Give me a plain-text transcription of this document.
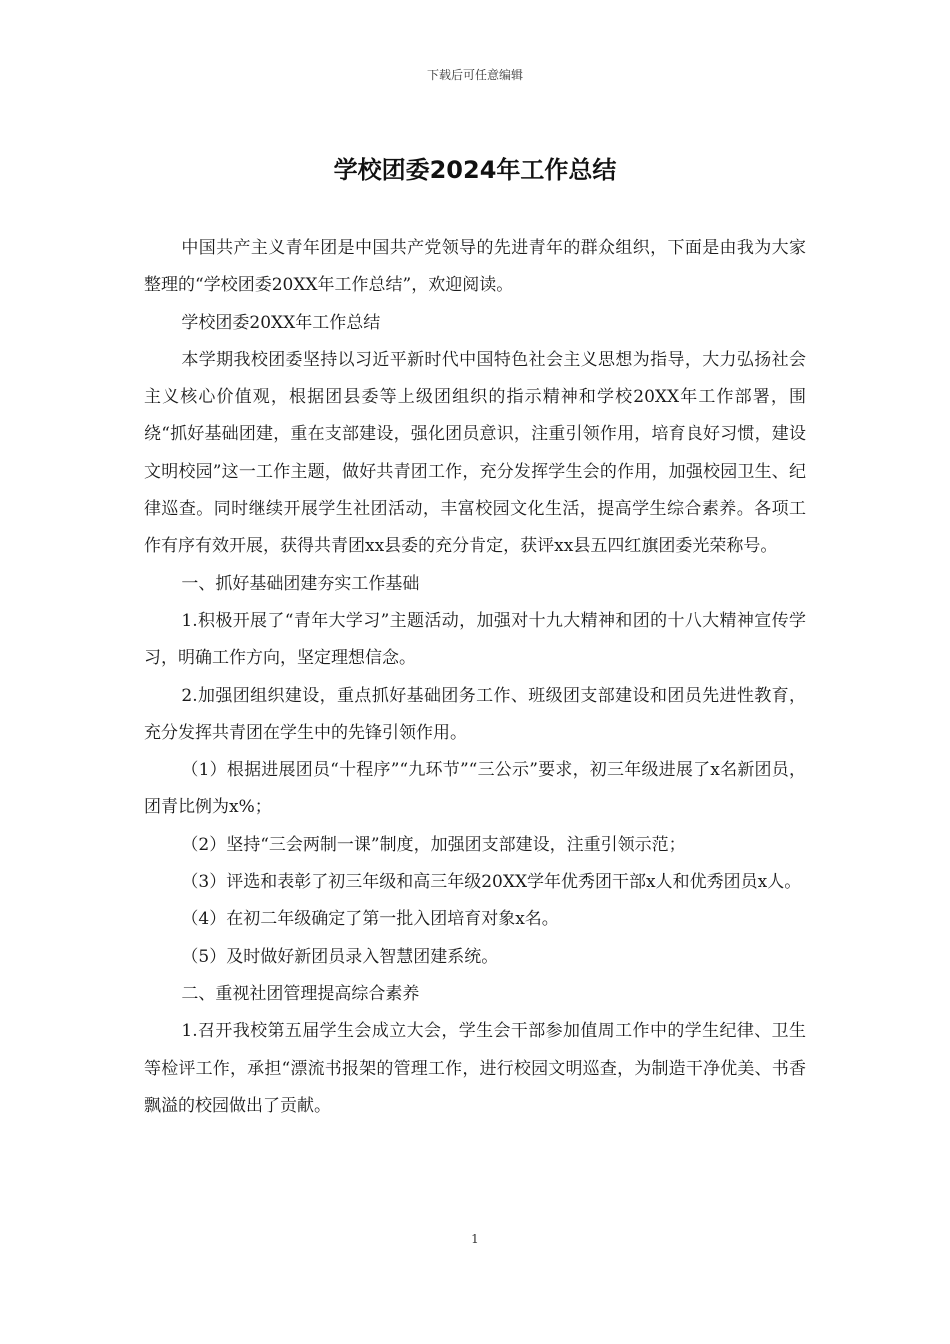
下载后可任意编辑
学校团委2024年工作总结

中国共产主义青年团是中国共产党领导的先进青年的群众组织，下面是由我为大家整理的“学校团委20XX年工作总结”，欢迎阅读。

学校团委20XX年工作总结

本学期我校团委坚持以习近平新时代中国特色社会主义思想为指导，大力弘扬社会主义核心价值观，根据团县委等上级团组织的指示精神和学校20XX年工作部署，围绕“抓好基础团建，重在支部建设，强化团员意识，注重引领作用，培育良好习惯，建设文明校园”这一工作主题，做好共青团工作，充分发挥学生会的作用，加强校园卫生、纪律巡查。同时继续开展学生社团活动，丰富校园文化生活，提高学生综合素养。各项工作有序有效开展，获得共青团xx县委的充分肯定，获评xx县五四红旗团委光荣称号。

一、抓好基础团建夯实工作基础

1.积极开展了“青年大学习”主题活动，加强对十九大精神和团的十八大精神宣传学习，明确工作方向，坚定理想信念。

2.加强团组织建设，重点抓好基础团务工作、班级团支部建设和团员先进性教育，充分发挥共青团在学生中的先锋引领作用。

（1）根据进展团员“十程序”“九环节”“三公示”要求，初三年级进展了x名新团员，团青比例为x%；

（2）坚持“三会两制一课”制度，加强团支部建设，注重引领示范；

（3）评选和表彰了初三年级和高三年级20XX学年优秀团干部x人和优秀团员x人。

（4）在初二年级确定了第一批入团培育对象x名。

（5）及时做好新团员录入智慧团建系统。

二、重视社团管理提高综合素养

1.召开我校第五届学生会成立大会，学生会干部参加值周工作中的学生纪律、卫生等检评工作，承担“漂流书报架的管理工作，进行校园文明巡查，为制造干净优美、书香飘溢的校园做出了贡献。

1
